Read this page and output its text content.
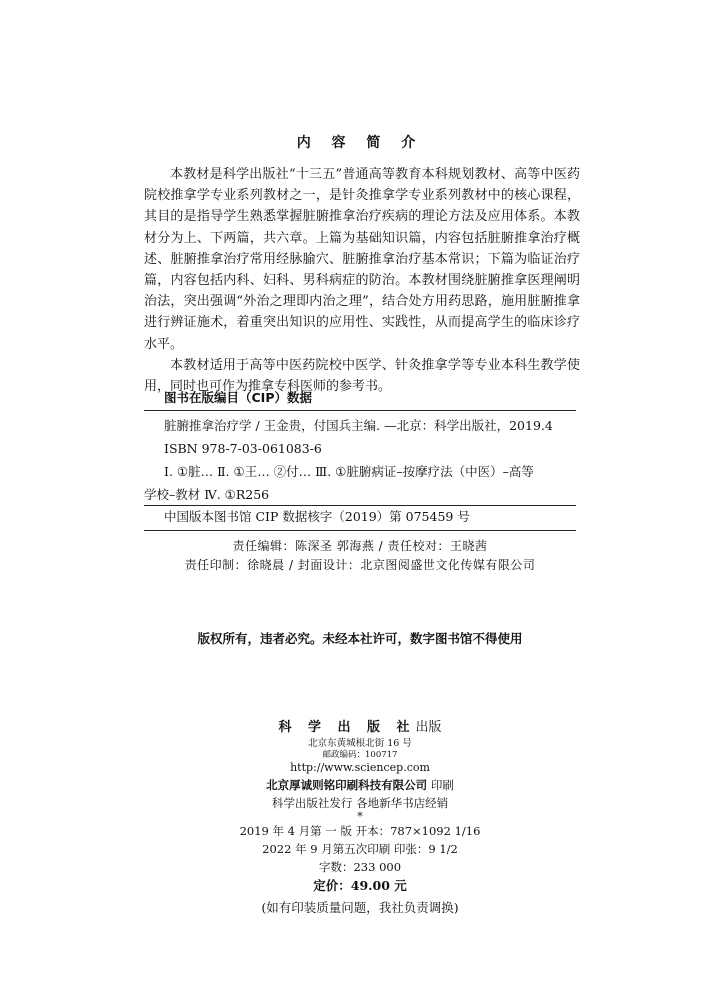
内 容 简 介

本教材是科学出版社“十三五”普通高等教育本科规划教材、高等中医药院校推拿学专业系列教材之一，是针灸推拿学专业系列教材中的核心课程，其目的是指导学生熟悉掌握脏腑推拿治疗疾病的理论方法及应用体系。本教材分为上、下两篇，共六章。上篇为基础知识篇，内容包括脏腑推拿治疗概述、脏腑推拿治疗常用经脉腧穴、脏腑推拿治疗基本常识；下篇为临证治疗篇，内容包括内科、妇科、男科病症的防治。本教材围绕脏腑推拿医理阐明治法，突出强调“外治之理即内治之理”，结合处方用药思路，施用脏腑推拿进行辨证施术，着重突出知识的应用性、实践性，从而提高学生的临床诊疗水平。

本教材适用于高等中医药院校中医学、针灸推拿学等专业本科生教学使用，同时也可作为推拿专科医师的参考书。

图书在版编目（CIP）数据
脏腑推拿治疗学 / 王金贵，付国兵主编. —北京：科学出版社，2019.4
ISBN 978-7-03-061083-6
Ⅰ. ①脏… Ⅱ. ①王… ②付… Ⅲ. ①脏腑病证–按摩疗法（中医）–高等
学校–教材 Ⅳ. ①R256
中国版本图书馆 CIP 数据核字（2019）第 075459 号
责任编辑：陈深圣 郭海燕 / 责任校对：王晓茜
责任印制：徐晓晨 / 封面设计：北京图阅盛世文化传媒有限公司
版权所有，违者必究。未经本社许可，数字图书馆不得使用
科 学 出 版 社出版
北京东黄城根北街 16 号
邮政编码：100717
http://www.sciencep.com
北京厚诚则铭印刷科技有限公司 印刷
科学出版社发行 各地新华书店经销
*
2019 年 4 月第 一 版 开本：787×1092 1/16
2022 年 9 月第五次印刷 印张：9 1/2
字数：233 000
定价：49.00 元
(如有印装质量问题，我社负责调换)
